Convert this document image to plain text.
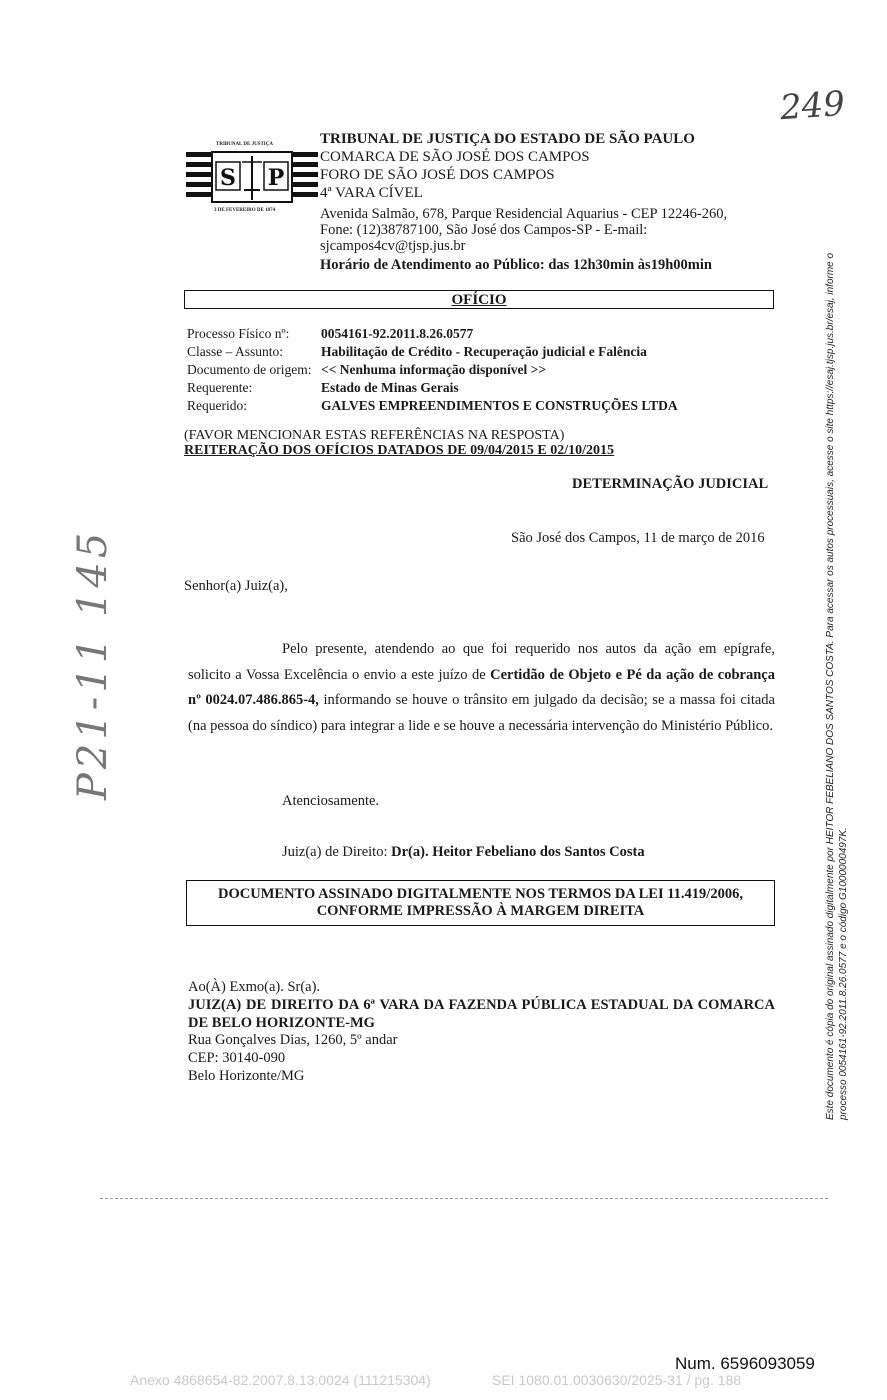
249
P21-11 145
S P
TRIBUNAL DE JUSTIÇA
3 DE FEVEREIRO DE 1874
TRIBUNAL DE JUSTIÇA DO ESTADO DE SÃO PAULO
COMARCA DE SÃO JOSÉ DOS CAMPOS
FORO DE SÃO JOSÉ DOS CAMPOS
4ª VARA CÍVEL
Avenida Salmão, 678, Parque Residencial Aquarius - CEP 12246-260,
Fone: (12)38787100, São José dos Campos-SP - E-mail:
sjcampos4cv@tjsp.jus.br
Horário de Atendimento ao Público: das 12h30min às19h00min
OFÍCIO
Processo Físico nº: 0054161-92.2011.8.26.0577
Classe – Assunto:	Habilitação de Crédito - Recuperação judicial e Falência
Documento de origem: << Nenhuma informação disponível >>
Requerente:	Estado de Minas Gerais
Requerido:	GALVES EMPREENDIMENTOS E CONSTRUÇÕES LTDA
(FAVOR MENCIONAR ESTAS REFERÊNCIAS NA RESPOSTA)
REITERAÇÃO DOS OFÍCIOS DATADOS DE 09/04/2015 E 02/10/2015
DETERMINAÇÃO JUDICIAL
São José dos Campos, 11 de março de 2016
Senhor(a) Juiz(a),
Pelo presente, atendendo ao que foi requerido nos autos da ação em epígrafe, solicito a Vossa Excelência o envio a este juízo de Certidão de Objeto e Pé da ação de cobrança nº 0024.07.486.865-4, informando se houve o trânsito em julgado da decisão; se a massa foi citada (na pessoa do síndico) para integrar a lide e se houve a necessária intervenção do Ministério Público.
Atenciosamente.
Juiz(a) de Direito: Dr(a). Heitor Febeliano dos Santos Costa
DOCUMENTO ASSINADO DIGITALMENTE NOS TERMOS DA LEI 11.419/2006,
CONFORME IMPRESSÃO À MARGEM DIREITA
Ao(À) Exmo(a). Sr(a).
JUIZ(A) DE DIREITO DA 6ª VARA DA FAZENDA PÚBLICA ESTADUAL DA COMARCA DE BELO HORIZONTE-MG
Rua Gonçalves Dias, 1260, 5º andar
CEP: 30140-090
Belo Horizonte/MG	Este documento é cópia do original assinado digitalmente por HEITOR FEBELIANO DOS SANTOS COSTA. Para acessar os autos processuais, acesse o site https://esaj.tjsp.jus.br/esaj, informe o processo 0054161-92.2011.8.26.0577 e o código G1000000497K.
Num. 6596093059
Anexo 4868654-82.2007.8.13.0024 (111215304)	SEI 1080.01.0030630/2025-31 / pg. 188
